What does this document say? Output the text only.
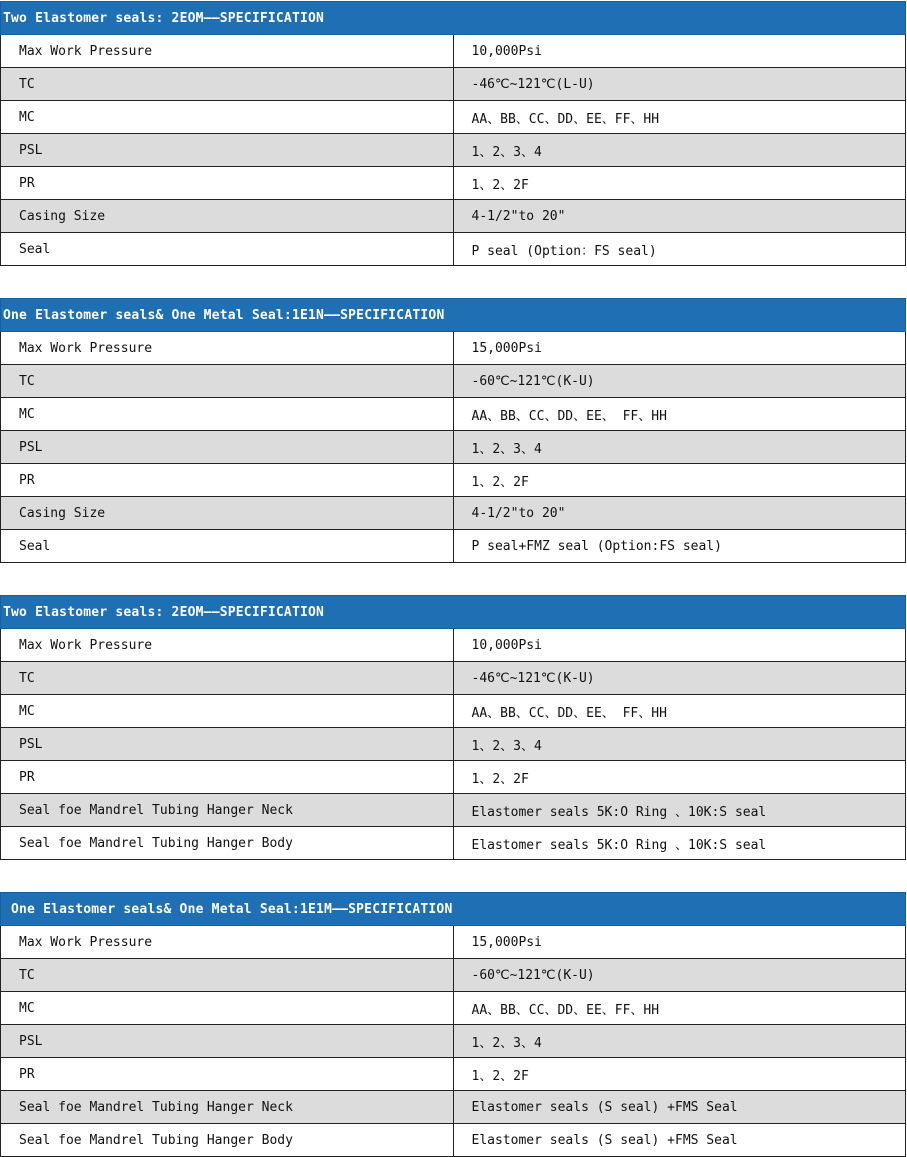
Two Elastomer seals: 2EOM——SPECIFICATION	
Max Work Pressure	10,000Psi
TC	-46℃~121℃(L-U)
MC	AA、BB、CC、DD、EE、FF、HH
PSL	1、2、3、4
PR	1、2、2F
Casing Size	4-1/2"to 20"
Seal	P seal (Option：FS seal)
One Elastomer seals& One Metal Seal:1E1N——SPECIFICATION	
Max Work Pressure	15,000Psi
TC	-60℃~121℃(K-U)
MC	AA、BB、CC、DD、EE、 FF、HH
PSL	1、2、3、4
PR	1、2、2F
Casing Size	4-1/2"to 20"
Seal	P seal+FMZ seal (Option:FS seal)
Two Elastomer seals: 2EOM——SPECIFICATION	
Max Work Pressure	10,000Psi
TC	-46℃~121℃(K-U)
MC	AA、BB、CC、DD、EE、 FF、HH
PSL	1、2、3、4
PR	1、2、2F
Seal foe Mandrel Tubing Hanger Neck	Elastomer seals 5K:O Ring 、10K:S seal
Seal foe Mandrel Tubing Hanger Body	Elastomer seals 5K:O Ring 、10K:S seal
One Elastomer seals& One Metal Seal:1E1M——SPECIFICATION	
Max Work Pressure	15,000Psi
TC	-60℃~121℃(K-U)
MC	AA、BB、CC、DD、EE、FF、HH
PSL	1、2、3、4
PR	1、2、2F
Seal foe Mandrel Tubing Hanger Neck	Elastomer seals (S seal) +FMS Seal
Seal foe Mandrel Tubing Hanger Body	Elastomer seals (S seal) +FMS Seal
